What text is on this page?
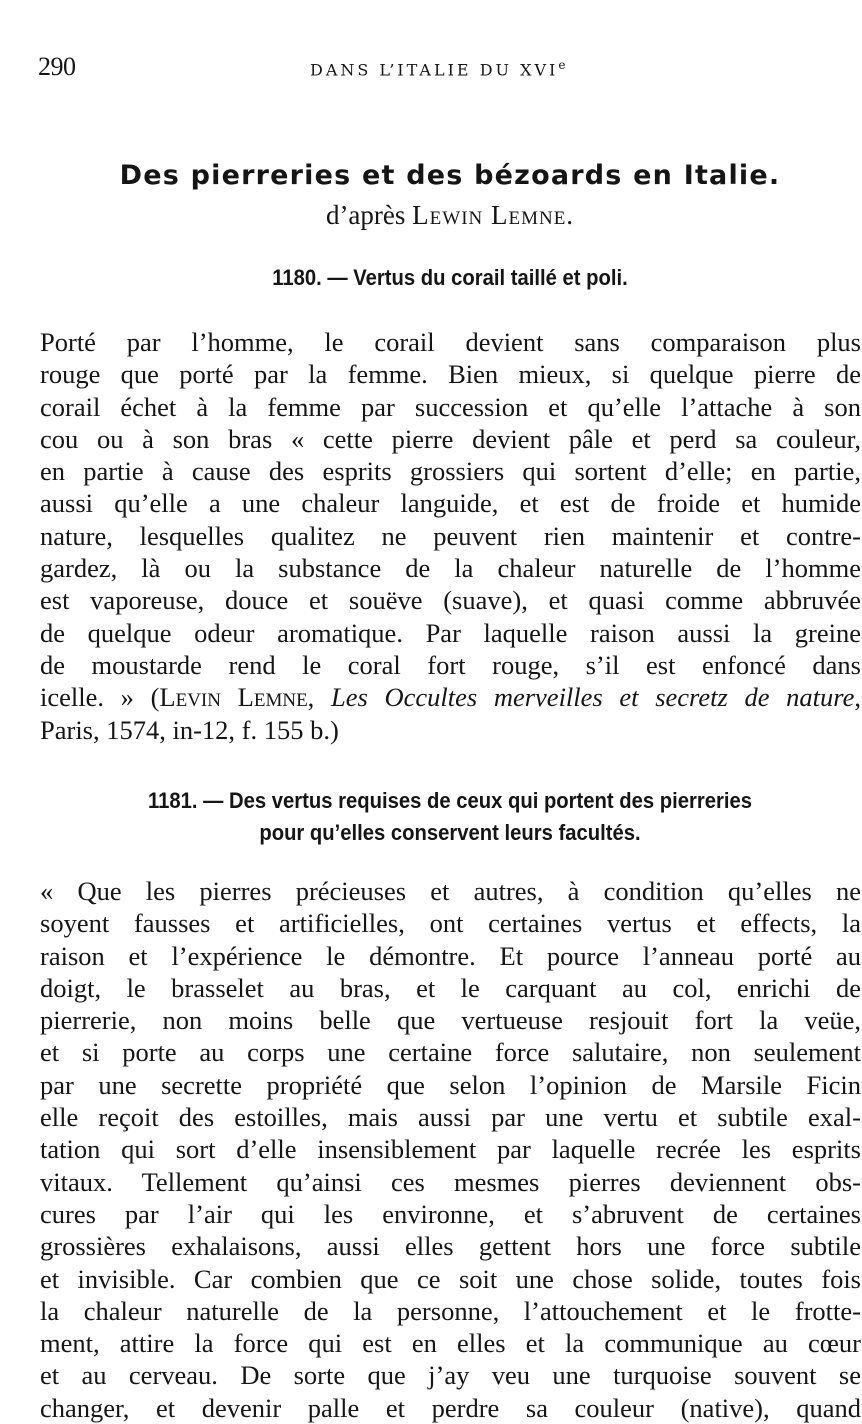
290	DANS L’ITALIE DU XVIe
Des pierreries et des bézoards en Italie.
d’après Lewin Lemne.
1180. — Vertus du corail taillé et poli.
Porté par l’homme, le corail devient sans comparaison plus
rouge que porté par la femme. Bien mieux, si quelque pierre de
corail échet à la femme par succession et qu’elle l’attache à son
cou ou à son bras « cette pierre devient pâle et perd sa couleur,
en partie à cause des esprits grossiers qui sortent d’elle; en partie,
aussi qu’elle a une chaleur languide, et est de froide et humide
nature, lesquelles qualitez ne peuvent rien maintenir et contre-
gardez, là ou la substance de la chaleur naturelle de l’homme
est vaporeuse, douce et souëve (suave), et quasi comme abbruvée
de quelque odeur aromatique. Par laquelle raison aussi la greine
de moustarde rend le coral fort rouge, s’il est enfoncé dans
icelle. » (Levin Lemne, Les Occultes merveilles et secretz de nature,
Paris, 1574, in-12, f. 155 b.)
1181. — Des vertus requises de ceux qui portent des pierreries
pour qu’elles conservent leurs facultés.
« Que les pierres précieuses et autres, à condition qu’elles ne
soyent fausses et artificielles, ont certaines vertus et effects, la
raison et l’expérience le démontre. Et pource l’anneau porté au
doigt, le brasselet au bras, et le carquant au col, enrichi de
pierrerie, non moins belle que vertueuse resjouit fort la veüe,
et si porte au corps une certaine force salutaire, non seulement
par une secrette propriété que selon l’opinion de Marsile Ficin
elle reçoit des estoilles, mais aussi par une vertu et subtile exal-
tation qui sort d’elle insensiblement par laquelle recrée les esprits
vitaux. Tellement qu’ainsi ces mesmes pierres deviennent obs-
cures par l’air qui les environne, et s’abruvent de certaines
grossières exhalaisons, aussi elles gettent hors une force subtile
et invisible. Car combien que ce soit une chose solide, toutes fois
la chaleur naturelle de la personne, l’attouchement et le frotte-
ment, attire la force qui est en elles et la communique au cœur
et au cerveau. De sorte que j’ay veu une turquoise souvent se
changer, et devenir palle et perdre sa couleur (native), quand
